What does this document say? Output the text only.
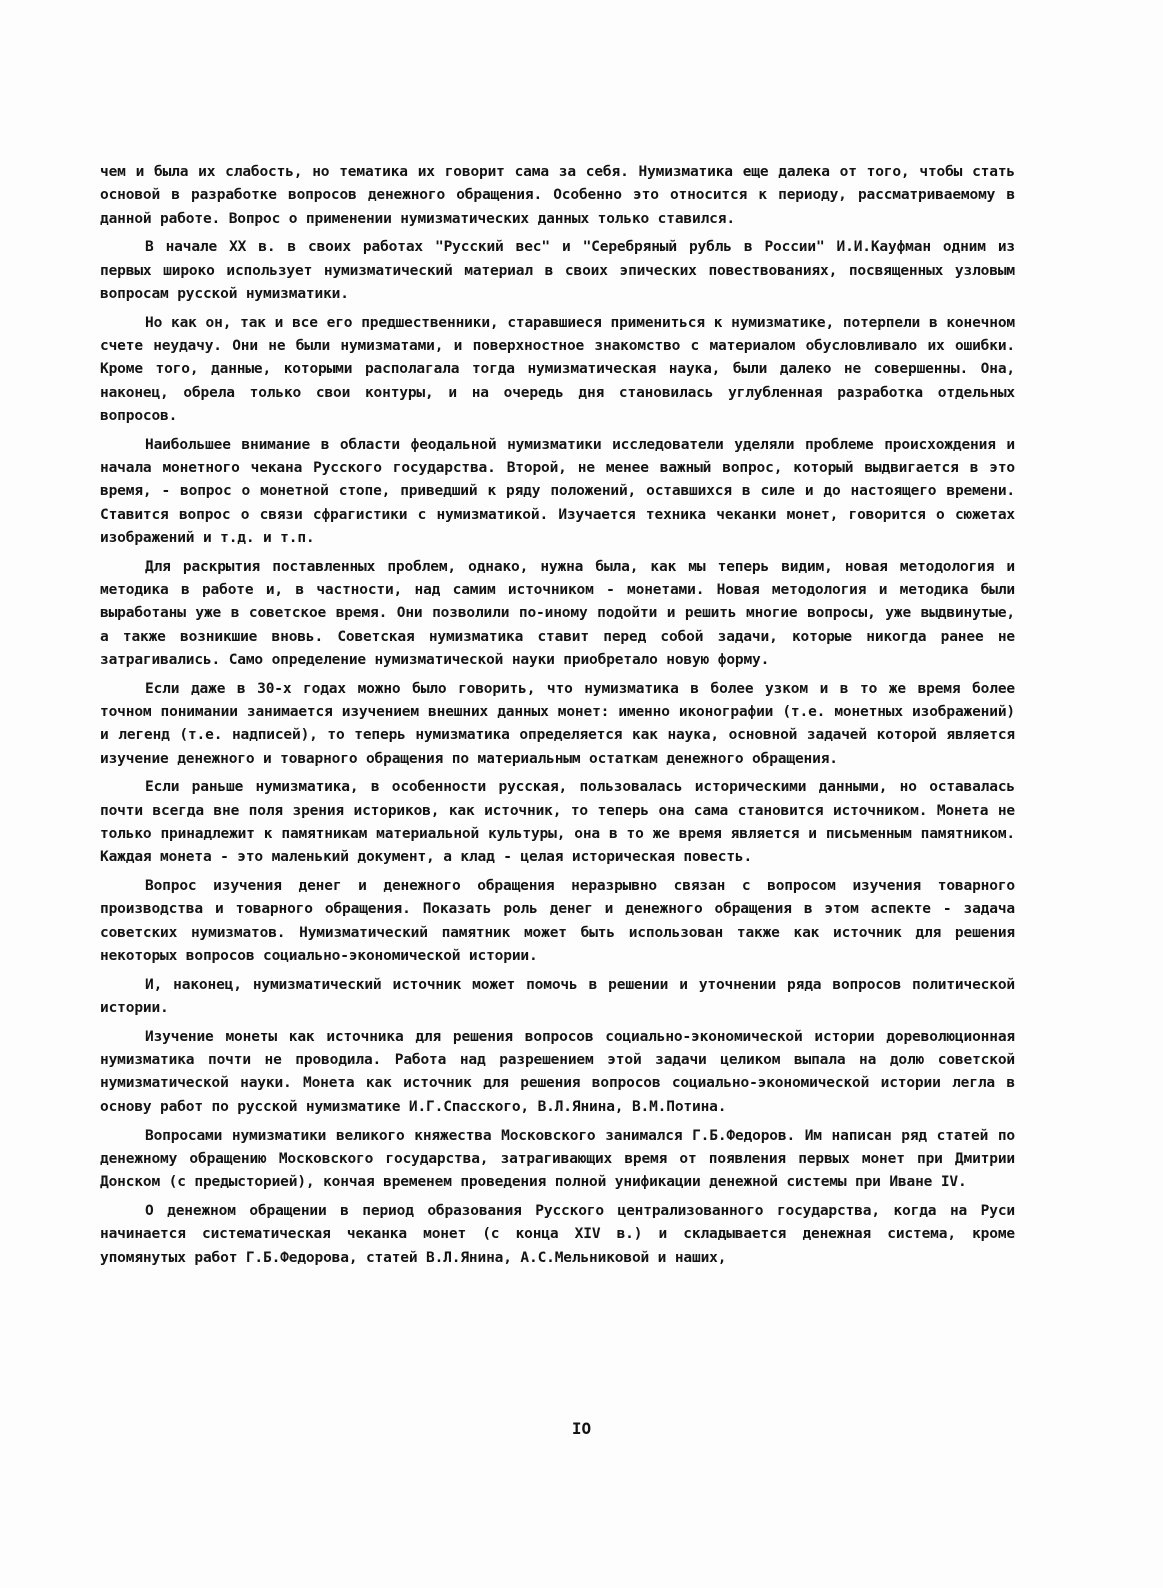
чем и была их слабость, но тематика их говорит сама за себя. Нумизматика еще далека от того, чтобы стать основой в разработке вопросов денежного обращения. Особенно это относится к периоду, рассматриваемому в данной работе. Вопрос о применении нумизматических данных только ставился.

В начале XX в. в своих работах "Русский вес" и "Серебряный рубль в России" И.И.Кауфман одним из первых широко использует нумизматический материал в своих эпических повествованиях, посвященных узловым вопросам русской нумизматики.

Но как он, так и все его предшественники, старавшиеся примениться к нумизматике, потерпели в конечном счете неудачу. Они не были нумизматами, и поверхностное знакомство с материалом обусловливало их ошибки. Кроме того, данные, которыми располагала тогда нумизматическая наука, были далеко не совершенны. Она, наконец, обрела только свои контуры, и на очередь дня становилась углубленная разработка отдельных вопросов.

Наибольшее внимание в области феодальной нумизматики исследователи уделяли проблеме происхождения и начала монетного чекана Русского государства. Второй, не менее важный вопрос, который выдвигается в это время, - вопрос о монетной стопе, приведший к ряду положений, оставшихся в силе и до настоящего времени. Ставится вопрос о связи сфрагистики с нумизматикой. Изучается техника чеканки монет, говорится о сюжетах изображений и т.д. и т.п.

Для раскрытия поставленных проблем, однако, нужна была, как мы теперь видим, новая методология и методика в работе и, в частности, над самим источником - монетами. Новая методология и методика были выработаны уже в советское время. Они позволили по-иному подойти и решить многие вопросы, уже выдвинутые, а также возникшие вновь. Советская нумизматика ставит перед собой задачи, которые никогда ранее не затрагивались. Само определение нумизматической науки приобретало новую форму.

Если даже в 30-х годах можно было говорить, что нумизматика в более узком и в то же время более точном понимании занимается изучением внешних данных монет: именно иконографии (т.е. монетных изображений) и легенд (т.е. надписей), то теперь нумизматика определяется как наука, основной задачей которой является изучение денежного и товарного обращения по материальным остаткам денежного обращения.

Если раньше нумизматика, в особенности русская, пользовалась историческими данными, но оставалась почти всегда вне поля зрения историков, как источник, то теперь она сама становится источником. Монета не только принадлежит к памятникам материальной культуры, она в то же время является и письменным памятником. Каждая монета - это маленький документ, а клад - целая историческая повесть.

Вопрос изучения денег и денежного обращения неразрывно связан с вопросом изучения товарного производства и товарного обращения. Показать роль денег и денежного обращения в этом аспекте - задача советских нумизматов. Нумизматический памятник может быть использован также как источник для решения некоторых вопросов социально-экономической истории.

И, наконец, нумизматический источник может помочь в решении и уточнении ряда вопросов политической истории.

Изучение монеты как источника для решения вопросов социально-экономической истории дореволюционная нумизматика почти не проводила. Работа над разрешением этой задачи целиком выпала на долю советской нумизматической науки. Монета как источник для решения вопросов социально-экономической истории легла в основу работ по русской нумизматике И.Г.Спасского, В.Л.Янина, В.М.Потина.

Вопросами нумизматики великого княжества Московского занимался Г.Б.Федоров. Им написан ряд статей по денежному обращению Московского государства, затрагивающих время от появления первых монет при Дмитрии Донском (с предысторией), кончая временем проведения полной унификации денежной системы при Иване IV.

О денежном обращении в период образования Русского централизованного государства, когда на Руси начинается систематическая чеканка монет (с конца XIV в.) и складывается денежная система, кроме упомянутых работ Г.Б.Федорова, статей В.Л.Янина, А.С.Мельниковой и наших,

IO
